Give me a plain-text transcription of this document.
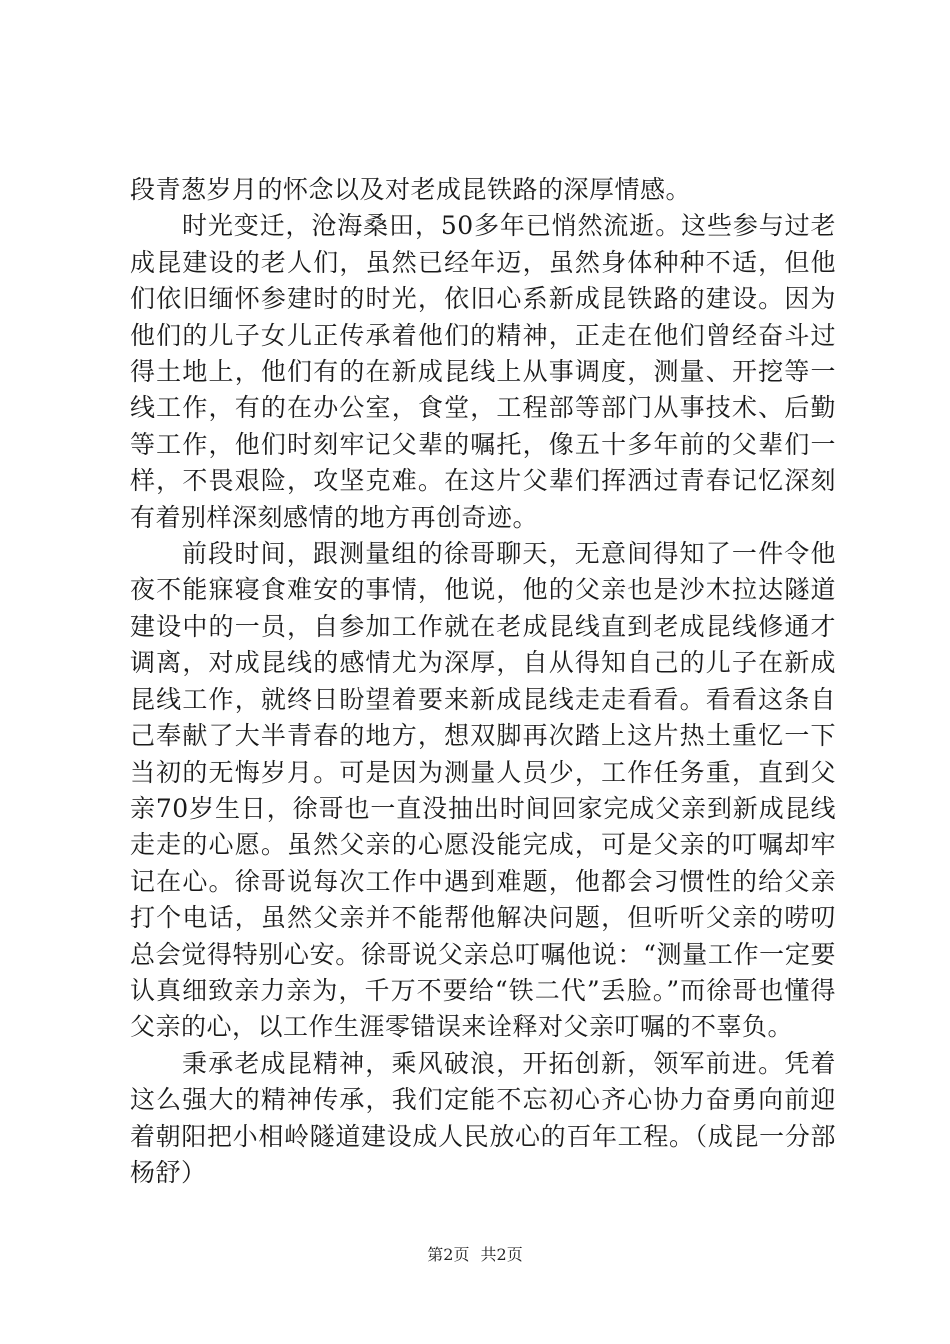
段青葱岁月的怀念以及对老成昆铁路的深厚情感。

时光变迁，沧海桑田，50多年已悄然流逝。这些参与过老成昆建设的老人们，虽然已经年迈，虽然身体种种不适，但他们依旧缅怀参建时的时光，依旧心系新成昆铁路的建设。因为他们的儿子女儿正传承着他们的精神，正走在他们曾经奋斗过得土地上，他们有的在新成昆线上从事调度，测量、开挖等一线工作，有的在办公室，食堂，工程部等部门从事技术、后勤等工作，他们时刻牢记父辈的嘱托，像五十多年前的父辈们一样，不畏艰险，攻坚克难。在这片父辈们挥洒过青春记忆深刻有着别样深刻感情的地方再创奇迹。

前段时间，跟测量组的徐哥聊天，无意间得知了一件令他夜不能寐寝食难安的事情，他说，他的父亲也是沙木拉达隧道建设中的一员，自参加工作就在老成昆线直到老成昆线修通才调离，对成昆线的感情尤为深厚，自从得知自己的儿子在新成昆线工作，就终日盼望着要来新成昆线走走看看。看看这条自己奉献了大半青春的地方，想双脚再次踏上这片热土重忆一下当初的无悔岁月。可是因为测量人员少，工作任务重，直到父亲70岁生日，徐哥也一直没抽出时间回家完成父亲到新成昆线走走的心愿。虽然父亲的心愿没能完成，可是父亲的叮嘱却牢记在心。徐哥说每次工作中遇到难题，他都会习惯性的给父亲打个电话，虽然父亲并不能帮他解决问题，但听听父亲的唠叨总会觉得特别心安。徐哥说父亲总叮嘱他说：“测量工作一定要认真细致亲力亲为，千万不要给“铁二代”丢脸。”而徐哥也懂得父亲的心，以工作生涯零错误来诠释对父亲叮嘱的不辜负。

秉承老成昆精神，乘风破浪，开拓创新，领军前进。凭着这么强大的精神传承，我们定能不忘初心齐心协力奋勇向前迎着朝阳把小相岭隧道建设成人民放心的百年工程。（成昆一分部杨舒）

第2页 共2页
